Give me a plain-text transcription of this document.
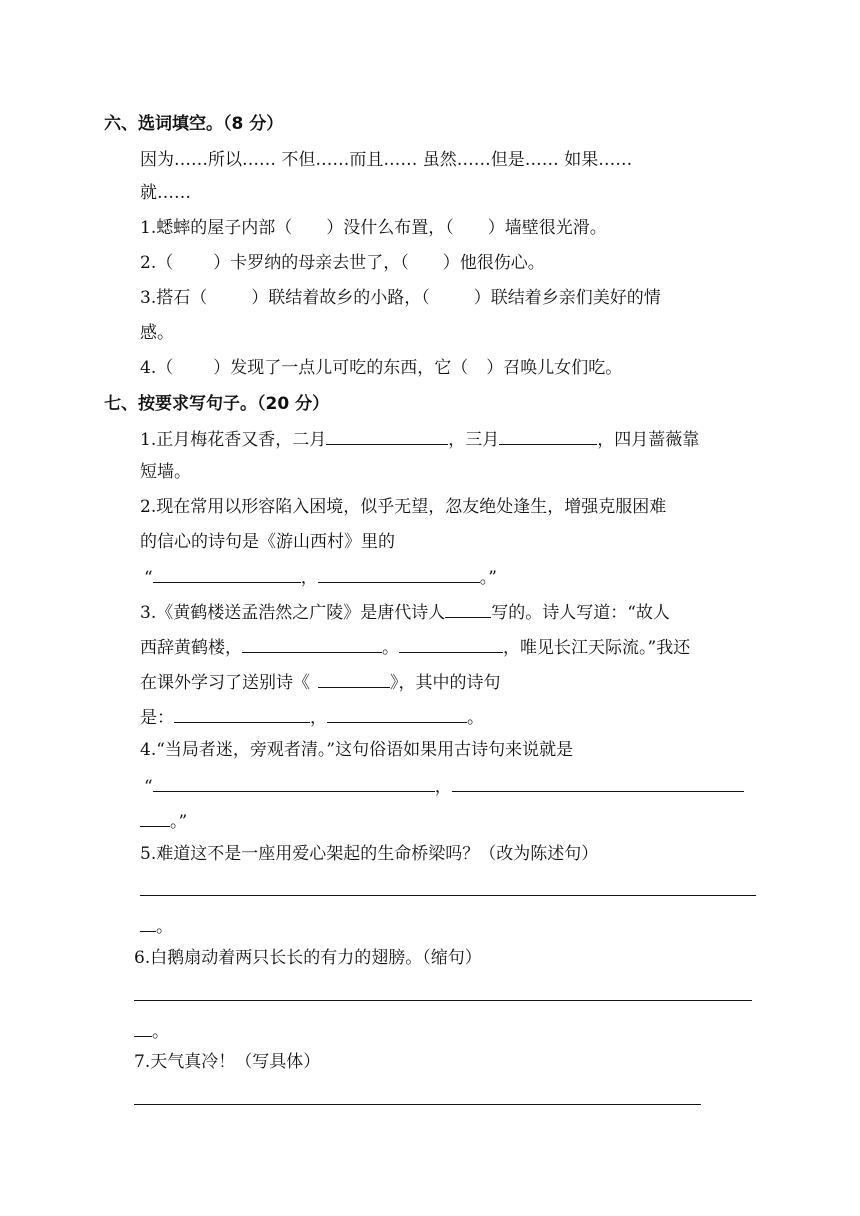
六、选词填空。（8 分）
因为……所以…… 不但……而且…… 虽然……但是…… 如果……
就……
1.蟋蟀的屋子内部（ ）没什么布置，（ ）墙壁很光滑。
2.（ ）卡罗纳的母亲去世了，（ ）他很伤心。
3.搭石（	）联结着故乡的小路，（	）联结着乡亲们美好的情
感。
4.（ ）发现了一点儿可吃的东西，它（ ）召唤儿女们吃。
七、按要求写句子。（20 分）
1.正月梅花香又香，二月	，三月	，四月蔷薇靠
短墙。
2.现在常用以形容陷入困境，似乎无望，忽友绝处逢生，增强克服困难
的信心的诗句是《游山西村》里的
“	，	。”
3.《黄鹤楼送孟浩然之广陵》是唐代诗人	写的。诗人写道：“故人
西辞黄鹤楼，	。	，唯见长江天际流。”我还
在课外学习了送别诗《	》，其中的诗句
是：	，	。
4.“当局者迷，旁观者清。”这句俗语如果用古诗句来说就是
“	，
。”
5.难道这不是一座用爱心架起的生命桥梁吗？（改为陈述句）
。
6.白鹅扇动着两只长长的有力的翅膀。（缩句）
。
7.天气真冷！（写具体）
